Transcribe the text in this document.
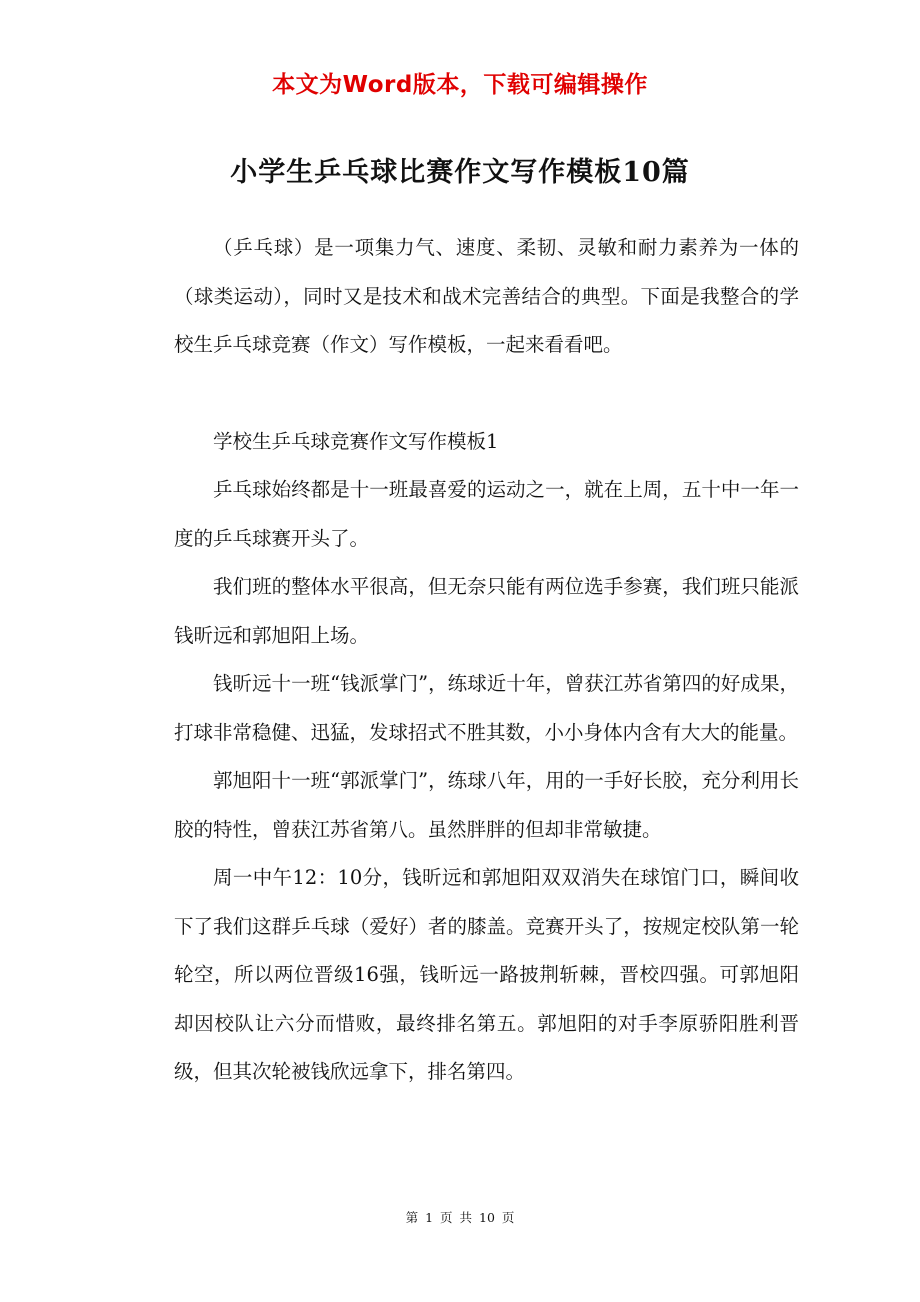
本文为Word版本，下载可编辑操作
小学生乒乓球比赛作文写作模板10篇

（乒乓球）是一项集力气、速度、柔韧、灵敏和耐力素养为一体的（球类运动），同时又是技术和战术完善结合的典型。下面是我整合的学校生乒乓球竞赛（作文）写作模板，一起来看看吧。

学校生乒乓球竞赛作文写作模板1

乒乓球始终都是十一班最喜爱的运动之一，就在上周，五十中一年一度的乒乓球赛开头了。

我们班的整体水平很高，但无奈只能有两位选手参赛，我们班只能派钱昕远和郭旭阳上场。

钱昕远十一班“钱派掌门”，练球近十年，曾获江苏省第四的好成果，打球非常稳健、迅猛，发球招式不胜其数，小小身体内含有大大的能量。

郭旭阳十一班“郭派掌门”，练球八年，用的一手好长胶，充分利用长胶的特性，曾获江苏省第八。虽然胖胖的但却非常敏捷。

周一中午12：10分，钱昕远和郭旭阳双双消失在球馆门口，瞬间收下了我们这群乒乓球（爱好）者的膝盖。竞赛开头了，按规定校队第一轮轮空，所以两位晋级16强，钱昕远一路披荆斩棘，晋校四强。可郭旭阳却因校队让六分而惜败，最终排名第五。郭旭阳的对手李原骄阳胜利晋级，但其次轮被钱欣远拿下，排名第四。

第 1 页 共 10 页
